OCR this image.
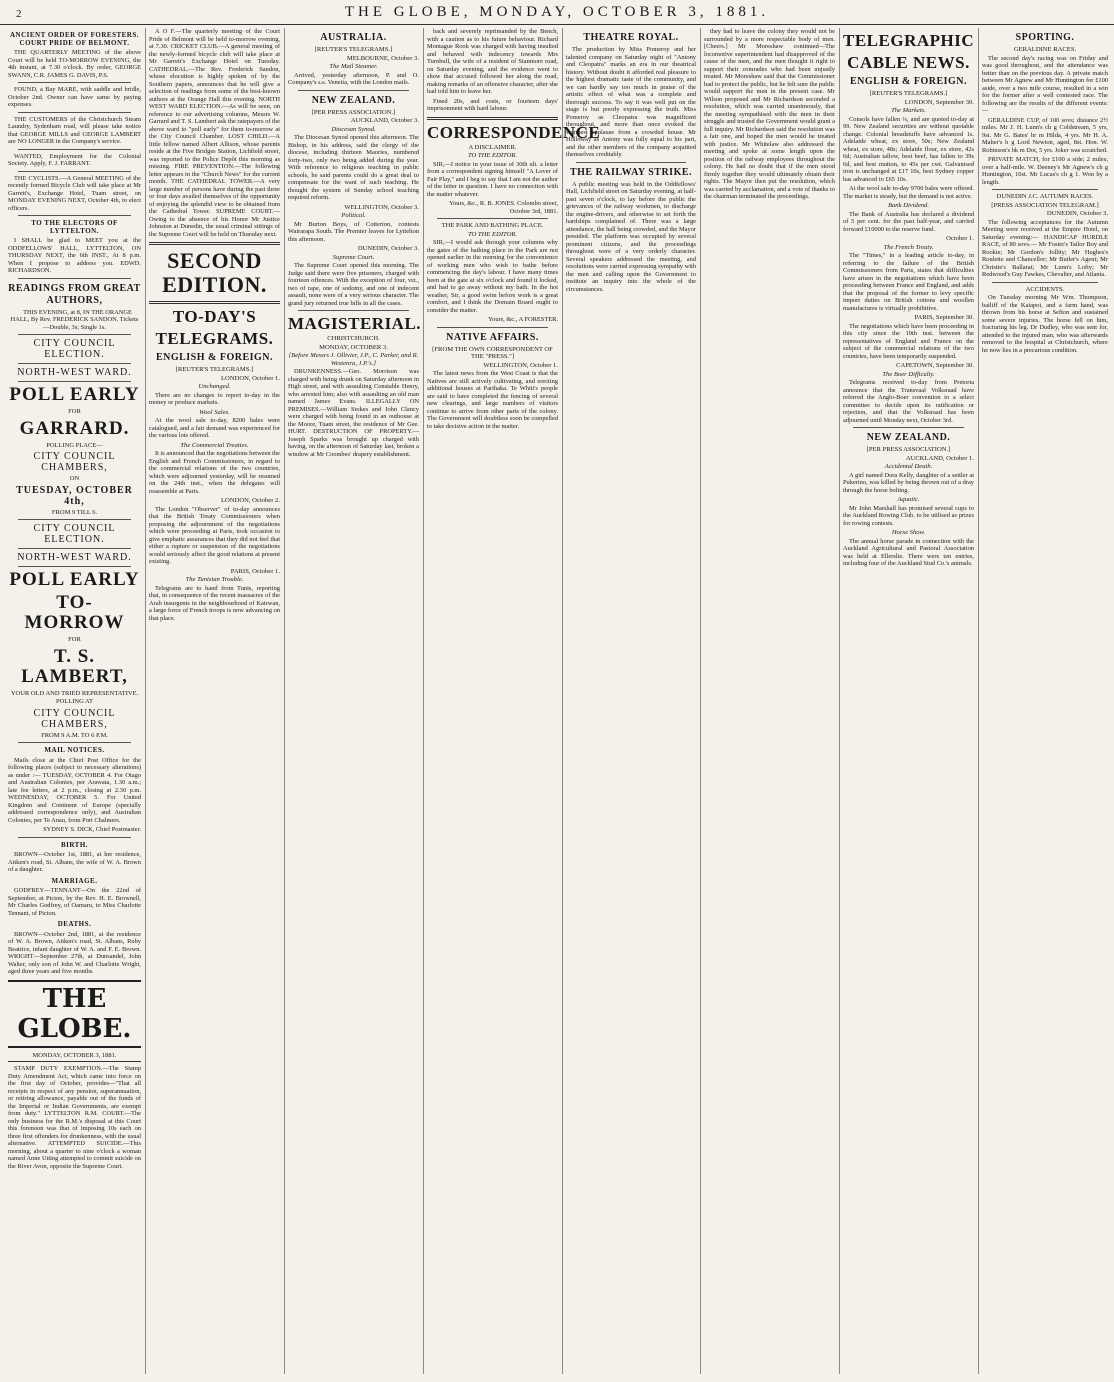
2	THE GLOBE, MONDAY, OCTOBER 3, 1881.
ANCIENT ORDER OF FORESTERS. COURT PRIDE OF BELMONT.

THE QUARTERLY MEETING of the above Court will be held TO-MORROW EVENING, the 4th instant, at 7.30 o'clock. By order, GEORGE SWANN, C.R. JAMES G. DAVIS, P.S.

FOUND, a Bay MARE, with saddle and bridle, October 2nd. Owner can have same by paying expenses.

THE CUSTOMERS of the Christchurch Steam Laundry, Sydenham road, will please take notice that GEORGE MILLS and GEORGE LAMBERT are NO LONGER in the Company's service.

WANTED, Employment for the Colonial Society. Apply, F. J. FARRANT.

THE CYCLISTS.—A General MEETING of the recently formed Bicycle Club will take place at Mr Garrett's, Exchange Hotel, Tuam street, on MONDAY EVENING NEXT, October 4th, to elect officers.

TO THE ELECTORS OF LYTTELTON.

I SHALL be glad to MEET you at the ODDFELLOWS' HALL, LYTTELTON, ON THURSDAY NEXT, the 6th INST., At 8 p.m. When I propose to address you. EDWD. RICHARDSON.

READINGS FROM GREAT AUTHORS,

THIS EVENING, at 8, IN THE ORANGE HALL, By Rev. FREDERICK SANDON. Tickets—Double, 3s; Single 1s.

CITY COUNCIL ELECTION.
NORTH-WEST WARD.
POLL EARLY
FOR
GARRARD.
POLLING PLACE—
CITY COUNCIL CHAMBERS,
ON
TUESDAY, OCTOBER 4th,
FROM 9 TILL 6.
CITY COUNCIL ELECTION.
NORTH-WEST WARD.
POLL EARLY
TO-MORROW
FOR
T. S. LAMBERT,
YOUR OLD AND TRIED REPRESENTATIVE.
POLLING AT
CITY COUNCIL CHAMBERS,
FROM 9 A.M. TO 6 P.M.
MAIL NOTICES.

Mails close at the Chief Post Office for the following places (subject to necessary alterations) as under :— TUESDAY, OCTOBER 4. For Otago and Australian Colonies, per Arawata, 1.30 a.m.; late fee letters, at 2 p.m., closing at 2.30 p.m. WEDNESDAY, OCTOBER 5. For United Kingdom and Continent of Europe (specially addressed correspondence only), and Australian Colonies, per Te Anau, from Port Chalmers.

SYDNEY S. DICK, Chief Postmaster.

BIRTH.

BROWN—October 1st, 1881, at her residence, Aitken's road, St. Albans, the wife of W. A. Brown of a daughter.

MARRIAGE.

GODFREY—TENNANT—On the 22nd of September, at Picton, by the Rev. H. E. Brownell, Mr Charles Godfrey, of Oamaru, to Miss Charlotte Tennant, of Picton.

DEATHS.

BROWN—October 2nd, 1881, at the residence of W. A. Brown, Aitken's road, St. Albans, Ruby Beatrice, infant daughter of W. A. and F. E. Brown. WRIGHT—September 27th, at Dunsandel, John Walter, only son of John W. and Charlotte Wright, aged three years and five months.

THE GLOBE.
MONDAY, OCTOBER 3, 1881.

STAMP DUTY EXEMPTION.—The Stamp Duty Amendment Act, which came into force on the first day of October, provides—"That all receipts in respect of any pension, superannuation, or retiring allowance, payable out of the funds of the Imperial or Indian Governments, are exempt from duty." LYTTELTON R.M. COURT.—The only business for the R.M.'s disposal at this Court this forenoon was that of imposing 10s each on three first offenders for drunkenness, with the usual alternative. ATTEMPTED SUICIDE.—This morning, about a quarter to nine o'clock a woman named Anne Utting attempted to commit suicide on the River Avon, opposite the Supreme Court.

A O F.—The quarterly meeting of the Court Pride of Belmont will be held to-morrow evening, at 7.30. CRICKET CLUB.—A general meeting of the newly-formed bicycle club will take place at Mr Garrett's Exchange Hotel on Tuesday. CATHEDRAL.—The Rev. Frederick Sandon, whose elocution is highly spoken of by the Southern papers, announces that he will give a selection of readings from some of the best-known authors at the Orange Hall this evening. NORTH WEST WARD ELECTION.—As will be seen, on reference to our advertising columns, Messrs W. Garrard and T. S. Lambert ask the ratepayers of the above ward to "poll early" for them to-morrow at the City Council Chamber. LOST CHILD.—A little fellow named Albert Allison, whose parents reside at the Five Bridges Station, Lichfield street, was reported to the Police Depôt this morning as missing. FIRE PREVENTION.—The following letter appears in the "Church News" for the current month. THE CATHEDRAL TOWER.—A very large number of persons have during the past three or four days availed themselves of the opportunity of enjoying the splendid view to be obtained from the Cathedral Tower. SUPREME COURT.—Owing to the absence of his Honor Mr Justice Johnston at Dunedin, the usual criminal sittings of the Supreme Court will be held on Thursday next.

SECOND EDITION.
TO-DAY'S
TELEGRAMS.
ENGLISH & FOREIGN.
[REUTER'S TELEGRAMS.]
LONDON, October 1.
Unchanged.

There are no changes to report to-day in the money or produce markets.

Wool Sales.

At the wool sale to-day, 8200 bales were catalogued, and a fair demand was experienced for the various lots offered.

The Commercial Treaties.

It is announced that the negotiations between the English and French Commissioners, in regard to the commercial relations of the two countries, which were adjourned yesterday, will be resumed on the 24th inst., when the delegates will reassemble at Paris.

LONDON, October 2.

The London "Observer" of to-day announces that the British Treaty Commissioners when proposing the adjournment of the negotiations which were proceeding at Paris, took occasion to give emphatic assurances that they did not feel that either a rupture or suspension of the negotiations would seriously affect the good relations at present existing.

PARIS, October 1.
The Tunisian Trouble.

Telegrams are to hand from Tunis, reporting that, in consequence of the recent massacres of the Arab insurgents in the neighbourhood of Kairwan, a large force of French troops is now advancing on that place.

AUSTRALIA.
[REUTER'S TELEGRAMS.]
MELBOURNE, October 3.
The Mail Steamer.

Arrived, yesterday afternoon, P. and O. Company's s.s. Venetia, with the London mails.

NEW ZEALAND.
[PER PRESS ASSOCIATION.]
AUCKLAND, October 3.
Diocesan Synod.

The Diocesan Synod opened this afternoon. The Bishop, in his address, said the clergy of the diocese, including thirteen Maories, numbered forty-two, only two being added during the year. With reference to religious teaching in public schools, he said parents could do a great deal to compensate for the want of such teaching. He thought the system of Sunday school teaching required reform.

WELLINGTON, October 3.
Political.

Mr Burton Boys, of Cotterton, contests Wairarapa South. The Premier leaves for Lyttelton this afternoon.

DUNEDIN, October 3.
Supreme Court.

The Supreme Court opened this morning. The Judge said there were five prisoners, charged with fourteen offences. With the exception of four, viz., two of rape, one of sodomy, and one of indecent assault, none were of a very serious character. The grand jury returned true bills in all the cases.

MAGISTERIAL.
CHRISTCHURCH.
MONDAY, OCTOBER 3.
[Before Messrs J. Ollivier, J.P., C. Parker, and R. Westenra, J.P.'s.]

DRUNKENNESS.—Geo. Morrison was charged with being drunk on Saturday afternoon in High street, and with assaulting Constable Henry, who arrested him; also with assaulting an old man named James Evans. ILLEGALLY ON PREMISES.—William Stokes and John Clancy were charged with being found in an outhouse at the Moore, Tuam street, the residence of Mr Gee. HURT. DESTRUCTION OF PROPERTY.—Joseph Sparks was brought up charged with having, on the afternoon of Saturday last, broken a window at Mr Coombes' drapery establishment.

back and severely reprimanded by the Bench, with a caution as to his future behaviour. Richard Montague Rook was charged with having insulted and behaved with indecency towards Mrs Turnbull, the wife of a resident of Stanmore road, on Saturday evening, and the evidence went to show that accused followed her along the road, making remarks of an offensive character, after she had told him to leave her.

Fined 20s, and costs, or fourteen days' imprisonment with hard labour.

CORRESPONDENCE
A DISCLAIMER.
TO THE EDITOR.

SIR,—I notice in your issue of 30th ult. a letter from a correspondent signing himself "A Lover of Fair Play," and I beg to say that I am not the author of the letter in question. I have no connection with the matter whatever.

Yours, &c., R. B. JONES. Colombo street, October 3rd, 1881.

THE PARK AND BATHING PLACE.
TO THE EDITOR.

SIR,—I would ask through your columns why the gates of the bathing place in the Park are not opened earlier in the morning for the convenience of working men who wish to bathe before commencing the day's labour. I have many times been at the gate at six o'clock and found it locked, and had to go away without my bath. In the hot weather, Sir, a good swim before work is a great comfort, and I think the Domain Board ought to consider the matter.

Yours, &c., A FORESTER.

NATIVE AFFAIRS.
[FROM THE OWN CORRESPONDENT OF THE "PRESS."]
WELLINGTON, October 1.

The latest news from the West Coast is that the Natives are still actively cultivating, and erecting additional houses at Parihaka. Te Whiti's people are said to have completed the fencing of several new clearings, and large numbers of visitors continue to arrive from other parts of the colony. The Government will doubtless soon be compelled to take decisive action in the matter.

THEATRE ROYAL.

The production by Miss Pomeroy and her talented company on Saturday night of "Antony and Cleopatra" marks an era in our theatrical history. Without doubt it afforded real pleasure to the highest dramatic taste of the community, and we can hardly say too much in praise of the artistic effect of what was a complete and thorough success. To say it was well put on the stage is but poorly expressing the truth. Miss Pomeroy as Cleopatra was magnificent throughout, and more than once evoked the warmest applause from a crowded house. Mr Holloway as Antony was fully equal to his part, and the other members of the company acquitted themselves creditably.

THE RAILWAY STRIKE.

A public meeting was held in the Oddfellows' Hall, Lichfield street on Saturday evening, at half-past seven o'clock, to lay before the public the grievances of the railway workmen, to discharge the engine-drivers, and otherwise to set forth the hardships complained of. There was a large attendance, the hall being crowded, and the Mayor presided. The platform was occupied by several prominent citizens, and the proceedings throughout were of a very orderly character. Several speakers addressed the meeting, and resolutions were carried expressing sympathy with the men and calling upon the Government to institute an inquiry into the whole of the circumstances.

they had to leave the colony they would not be surrounded by a more respectable body of men. [Cheers.] Mr Moreshaw continued—The locomotive superintendent had disapproved of the cause of the men, and the men thought it right to support their comrades who had been unjustly treated. Mr Moreshaw said that the Commissioner had to protect the public, but he felt sure the public would support the men in the present case. Mr Wilson proposed and Mr Richardson seconded a resolution, which was carried unanimously, that the meeting sympathised with the men in their struggle and trusted the Government would grant a full inquiry. Mr Richardson said the resolution was a fair one, and hoped the men would be treated with justice. Mr Whitelaw also addressed the meeting and spoke at some length upon the position of the railway employees throughout the colony. He had no doubt that if the men stood firmly together they would ultimately obtain their rights. The Mayor then put the resolution, which was carried by acclamation, and a vote of thanks to the chairman terminated the proceedings.

TELEGRAPHIC
CABLE NEWS.
ENGLISH & FOREIGN.
[REUTER'S TELEGRAMS.]
LONDON, September 30.
The Markets.

Consols have fallen ¼, and are quoted to-day at 99. New Zealand securities are without quotable change. Colonial breadstuffs have advanced 1s. Adelaide wheat, ex store, 50s; New Zealand wheat, ex store, 48s; Adelaide flour, ex store, 42s 6d; Australian tallow, best beef, has fallen to 39s 6d, and best mutton, to 45s per cwt. Galvanised iron is unchanged at £17 10s, best Sydney copper has advanced to £65 10s.

At the wool sale to-day 9700 bales were offered. The market is steady, but the demand is not active.

Bank Dividend.

The Bank of Australia has declared a dividend of 5 per cent. for the past half-year, and carried forward £10000 to the reserve fund.

October 1.
The French Treaty.

The "Times," in a leading article to-day, in referring to the failure of the British Commissioners from Paris, states that difficulties have arisen in the negotiations which have been proceeding between France and England, and adds that the proposal of the former to levy specific import duties on British cottons and woollen manufactures is virtually prohibitive.

PARIS, September 30.

The negotiations which have been proceeding in this city since the 19th inst. between the representatives of England and France on the subject of the commercial relations of the two countries, have been temporarily suspended.

CAPETOWN, September 30.
The Boer Difficulty.

Telegrams received to-day from Pretoria announce that the Transvaal Volksraad have referred the Anglo-Boer convention to a select committee to decide upon its ratification or rejection, and that the Volksraad has been adjourned until Monday next, October 3rd.

NEW ZEALAND.
[PER PRESS ASSOCIATION.]
AUCKLAND, October 1.
Accidental Death.

A girl named Dora Kelly, daughter of a settler at Pukerino, was killed by being thrown out of a dray through the horse bolting.

Aquatic.

Mr John Marshall has promised several cups to the Auckland Rowing Club, to be utilised as prizes for rowing contests.

Horse Show.

The annual horse parade in connection with the Auckland Agricultural and Pastoral Association was held at Ellerslie. There were ten entries, including four of the Auckland Stud Co.'s animals.

SPORTING.
GERALDINE RACES.

The second day's racing was on Friday and was good throughout, and the attendance was better than on the previous day. A private match between Mr Agnew and Mr Huntington for £100 aside, over a two mile course, resulted in a win for the former after a well contested race. The following are the results of the different events:—

GERALDINE CUP, of 100 sovs; distance 2½ miles. Mr J. H. Lunn's ch g Coldstream, 5 yrs, 9st. Mr G. Bates' br m Hilda, 4 yrs. Mr H. A. Maher's b g Lord Newton, aged, 8st. Hon. W. Robinson's bk m Dot, 5 yrs. Joker was scratched.

PRIVATE MATCH, for £100 a side; 2 miles; over a half-mile. W. Deeney's Mr Agnew's ch g Huntington, 10st. Mr Lucas's ch g 1. Won by a length.

DUNEDIN J.C. AUTUMN RACES.
[PRESS ASSOCIATION TELEGRAM.]
DUNEDIN, October 3.

The following acceptances for the Autumn Meeting were received at the Empire Hotel, on Saturday evening:— HANDICAP HURDLE RACE, of 80 sovs.— Mr Foster's Tailor Boy and Rookie; Mr Gordon's Jollity; Mr Hughes's Roulette and Chancellor; Mr Butler's Agent; Mr Christie's Ballarat; Mr Lunn's Lofty; Mr Redwood's Guy Fawkes, Chevalier, and Atlanta.

ACCIDENTS.

On Tuesday morning Mr Wm. Thompson, bailiff of the Kaiapoi, and a farm hand, was thrown from his horse at Sefton and sustained some severe injuries. The horse fell on him, fracturing his leg. Dr Dudley, who was sent for, attended to the injured man, who was afterwards removed to the hospital at Christchurch, where he now lies in a precarious condition.
